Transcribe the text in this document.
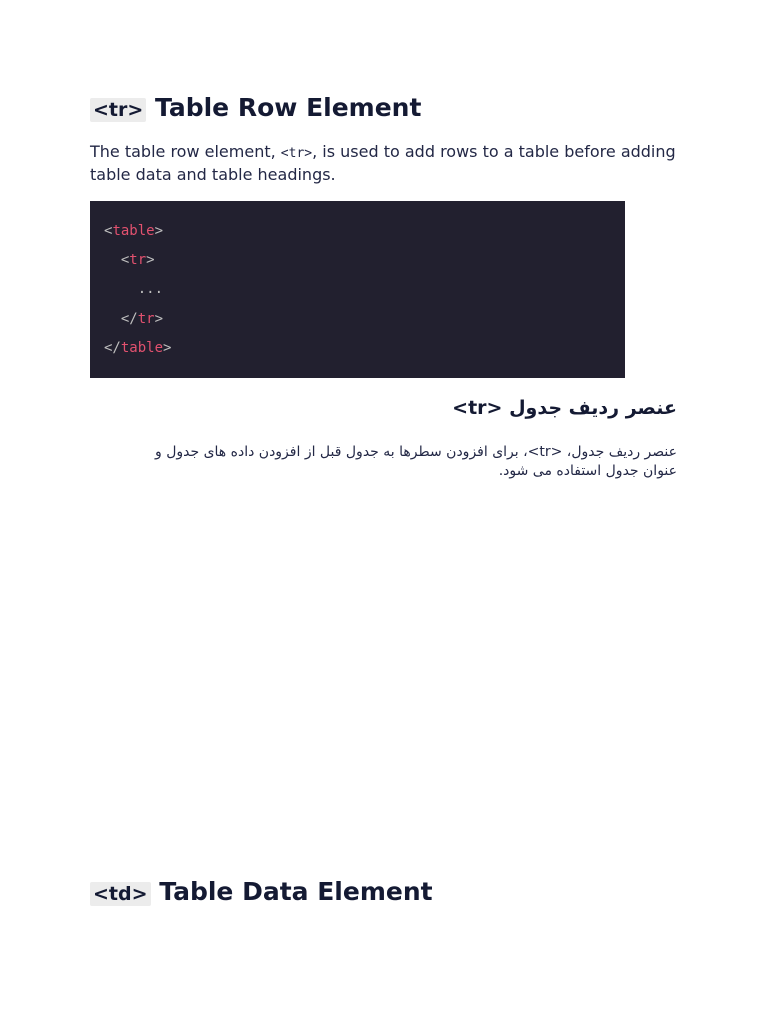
<tr> Table Row Element

The table row element, <tr>, is used to add rows to a table before adding table data and table headings.

<table>
<tr>
...
</tr>
</table>
عنصر ردیف جدول <tr>

عنصر ردیف جدول، <tr>، برای افزودن سطرها به جدول قبل از افزودن داده های جدول و عنوان جدول استفاده می شود.

<td> Table Data Element
